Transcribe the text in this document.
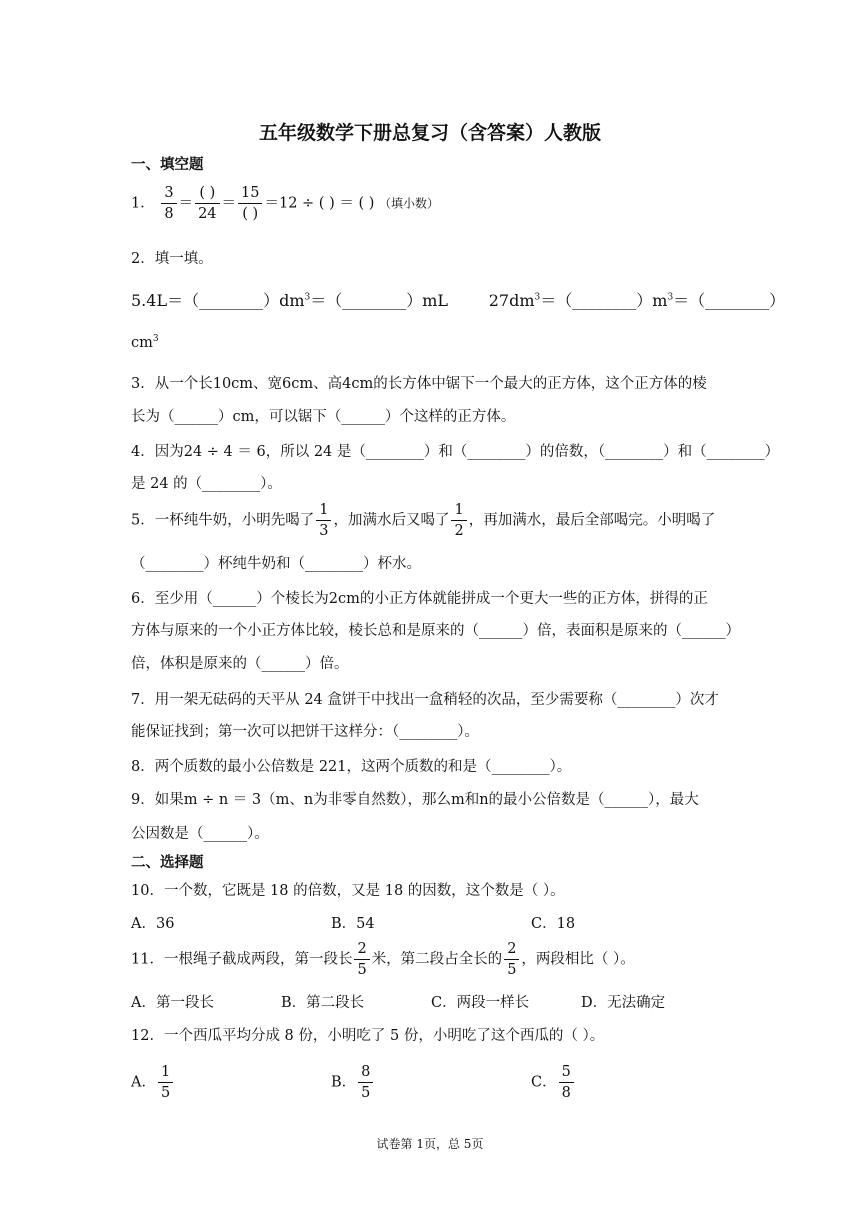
五年级数学下册总复习（含答案）人教版
一、填空题
1． $\frac{3}{8} = \frac{( )}{24} = \frac{15}{( )} =12$ ÷ ( ) ＝ ( ) （填小数）
2．填一填。
$5.4L=(\_\_\_\_\_\_\_\_)dm^3=(\_\_\_\_\_\_\_\_)mL$	$27dm^3=(\_\_\_\_\_\_\_\_)m^3=(\_\_\_\_\_\_\_\_)$
$cm^3$
3．从一个长10cm、宽6cm、高4cm的长方体中锯下一个最大的正方体，这个正方体的棱
长为（______）cm，可以锯下（______）个这样的正方体。
4．因为24 ÷ 4 ＝ 6，所以 24 是（________）和（________）的倍数，（________）和（________）
是 24 的（________）。
5．一杯纯牛奶，小明先喝了 $\frac{1}{3}$ ，加满水后又喝了 $\frac{1}{2}$ ，再加满水，最后全部喝完。小明喝了
（________）杯纯牛奶和（________）杯水。
6．至少用（______）个棱长为2cm的小正方体就能拼成一个更大一些的正方体，拼得的正
方体与原来的一个小正方体比较，棱长总和是原来的（______）倍，表面积是原来的（______）
倍，体积是原来的（______）倍。
7．用一架无砝码的天平从 24 盒饼干中找出一盒稍轻的次品，至少需要称（________）次才
能保证找到；第一次可以把饼干这样分：（________）。
8．两个质数的最小公倍数是 221，这两个质数的和是（________）。
9．如果m ÷ n ＝ 3（m、n为非零自然数），那么m和n的最小公倍数是（______），最大
公因数是（______）。
二、选择题
10．一个数，它既是 18 的倍数，又是 18 的因数，这个数是（ ）。
A．36	B．54	C．18
11．一根绳子截成两段，第一段长 $\frac{2}{5}$ 米，第二段占全长的 $\frac{2}{5}$ ，两段相比（ ）。
A．第一段长	B．第二段长	C．两段一样长	D．无法确定
12．一个西瓜平均分成 8 份，小明吃了 5 份，小明吃了这个西瓜的（ ）。
A． $\frac{1}{5}$	B． $\frac{8}{5}$	C． $\frac{5}{8}$
试卷第 1页，总 5页
